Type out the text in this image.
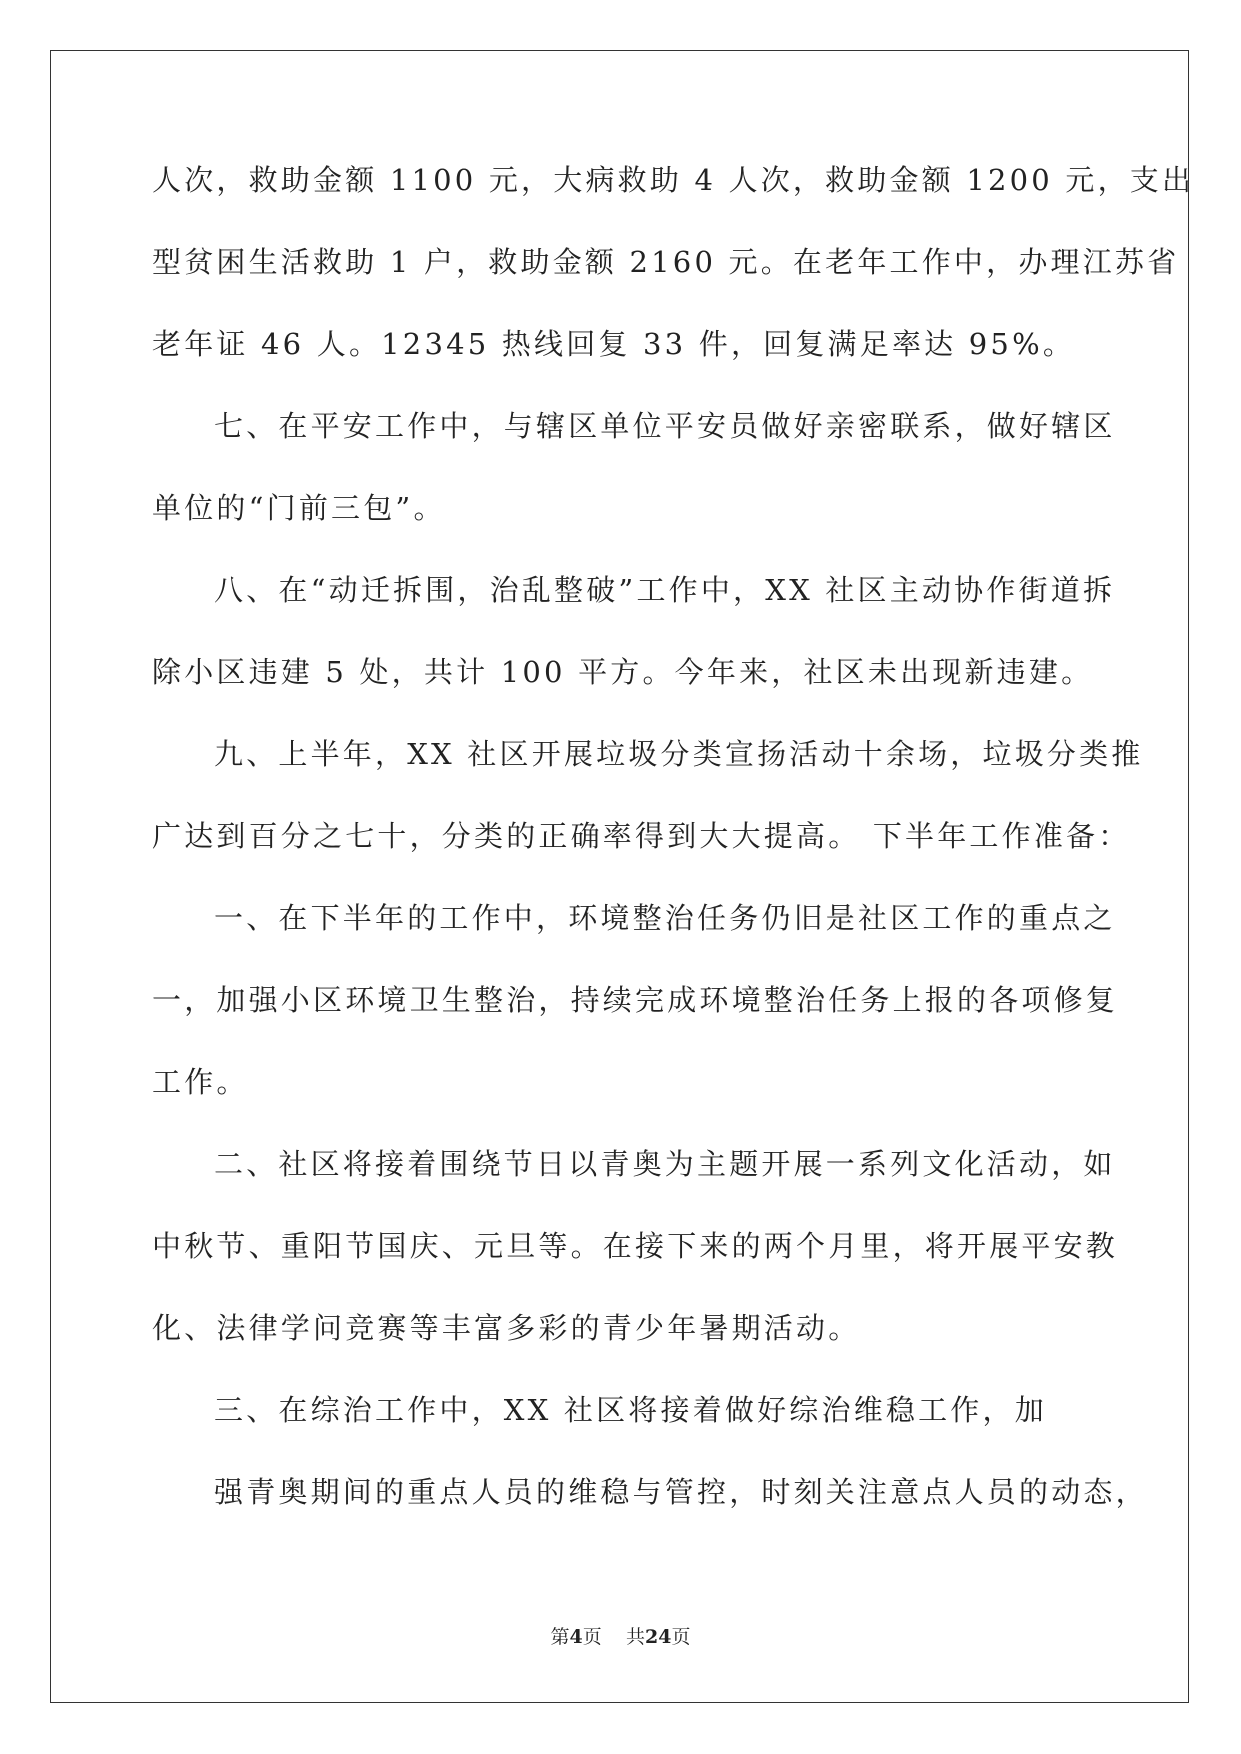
人次，救助金额 1100 元，大病救助 4 人次，救助金额 1200 元，支出
型贫困生活救助 1 户，救助金额 2160 元。在老年工作中，办理江苏省
老年证 46 人。12345 热线回复 33 件，回复满足率达 95%。
七、在平安工作中，与辖区单位平安员做好亲密联系，做好辖区
单位的“门前三包”。
八、在“动迁拆围，治乱整破”工作中，XX 社区主动协作街道拆
除小区违建 5 处，共计 100 平方。今年来，社区未出现新违建。
九、上半年，XX 社区开展垃圾分类宣扬活动十余场，垃圾分类推
广达到百分之七十，分类的正确率得到大大提高。 下半年工作准备：
一、在下半年的工作中，环境整治任务仍旧是社区工作的重点之
一，加强小区环境卫生整治，持续完成环境整治任务上报的各项修复
工作。
二、社区将接着围绕节日以青奥为主题开展一系列文化活动，如
中秋节、重阳节国庆、元旦等。在接下来的两个月里，将开展平安教
化、法律学问竞赛等丰富多彩的青少年暑期活动。
三、在综治工作中，XX 社区将接着做好综治维稳工作，加
强青奥期间的重点人员的维稳与管控，时刻关注意点人员的动态，
第4页 共24页
